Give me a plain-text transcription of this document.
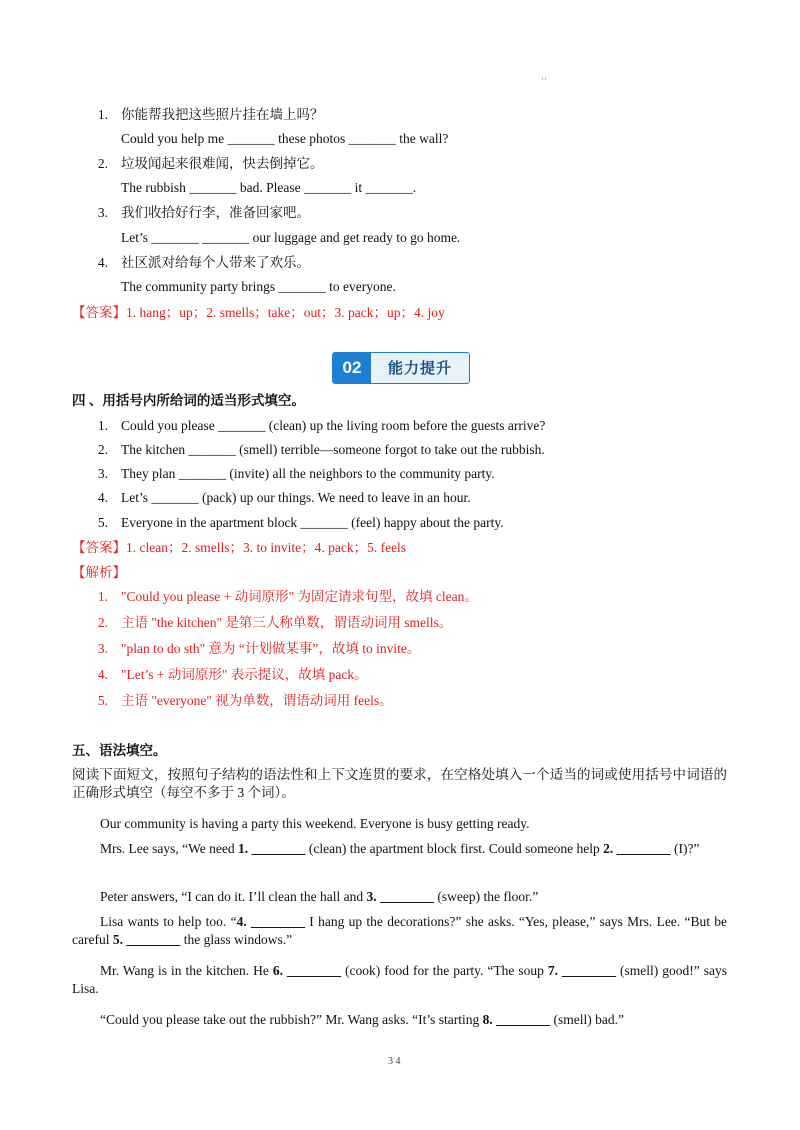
··
1. 你能帮我把这些照片挂在墙上吗？
Could you help me _______ these photos _______ the wall?
2. 垃圾闻起来很难闻，快去倒掉它。
The rubbish _______ bad. Please _______ it _______.
3. 我们收拾好行李，准备回家吧。
Let’s _______ _______ our luggage and get ready to go home.
4. 社区派对给每个人带来了欢乐。
The community party brings _______ to everyone.
【答案】1. hang；up；2. smells；take；out；3. pack；up；4. joy
02	能力提升
四 、用括号内所给词的适当形式填空。
1. Could you please _______ (clean) up the living room before the guests arrive?
2. The kitchen _______ (smell) terrible—someone forgot to take out the rubbish.
3. They plan _______ (invite) all the neighbors to the community party.
4. Let’s _______ (pack) up our things. We need to leave in an hour.
5. Everyone in the apartment block _______ (feel) happy about the party.
【答案】1. clean；2. smells；3. to invite；4. pack；5. feels
【解析】
1. "Could you please + 动词原形" 为固定请求句型，故填 clean。
2. 主语 "the kitchen" 是第三人称单数，谓语动词用 smells。
3. "plan to do sth" 意为 “计划做某事”，故填 to invite。
4. "Let’s + 动词原形" 表示提议，故填 pack。
5. 主语 "everyone" 视为单数，谓语动词用 feels。
五、语法填空。
阅读下面短文，按照句子结构的语法性和上下文连贯的要求，在空格处填入一个适当的词或使用括号中词语的正确形式填空（每空不多于 3 个词）。
Our community is having a party this weekend. Everyone is busy getting ready.
Mrs. Lee says, “We need 1. ________ (clean) the apartment block first. Could someone help 2. ________ (I)?”
Peter answers, “I can do it. I’ll clean the hall and 3. ________ (sweep) the floor.”
Lisa wants to help too. “4. ________ I hang up the decorations?” she asks. “Yes, please,” says Mrs. Lee. “But be careful 5. ________ the glass windows.”
Mr. Wang is in the kitchen. He 6. ________ (cook) food for the party. “The soup 7. ________ (smell) good!” says Lisa.
“Could you please take out the rubbish?” Mr. Wang asks. “It’s starting 8. ________ (smell) bad.”
3 4
